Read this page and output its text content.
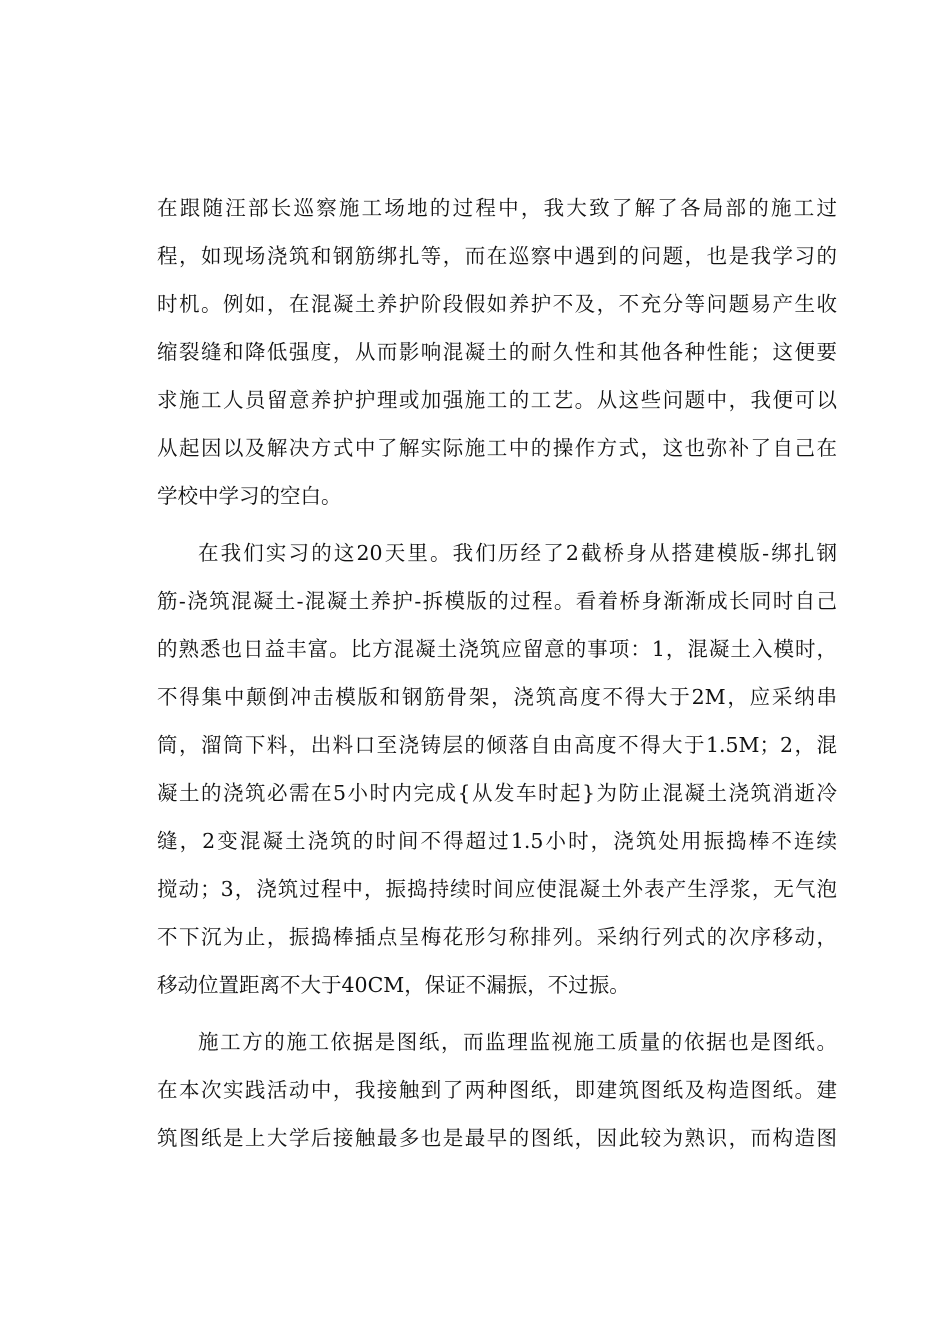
在跟随汪部长巡察施工场地的过程中，我大致了解了各局部的施工过
程，如现场浇筑和钢筋绑扎等，而在巡察中遇到的问题，也是我学习的
时机。例如，在混凝土养护阶段假如养护不及，不充分等问题易产生收
缩裂缝和降低强度，从而影响混凝土的耐久性和其他各种性能；这便要
求施工人员留意养护护理或加强施工的工艺。从这些问题中，我便可以
从起因以及解决方式中了解实际施工中的操作方式，这也弥补了自己在
学校中学习的空白。
在我们实习的这20天里。我们历经了2截桥身从搭建模版-绑扎钢
筋-浇筑混凝土-混凝土养护-拆模版的过程。看着桥身渐渐成长同时自己
的熟悉也日益丰富。比方混凝土浇筑应留意的事项：1，混凝土入模时，
不得集中颠倒冲击模版和钢筋骨架，浇筑高度不得大于2M，应采纳串
筒，溜筒下料，出料口至浇铸层的倾落自由高度不得大于1.5M；2，混
凝土的浇筑必需在5小时内完成{从发车时起}为防止混凝土浇筑消逝冷
缝，2变混凝土浇筑的时间不得超过1.5小时，浇筑处用振捣棒不连续
搅动；3，浇筑过程中，振捣持续时间应使混凝土外表产生浮浆，无气泡
不下沉为止，振捣棒插点呈梅花形匀称排列。采纳行列式的次序移动，
移动位置距离不大于40CM，保证不漏振，不过振。
施工方的施工依据是图纸，而监理监视施工质量的依据也是图纸。
在本次实践活动中，我接触到了两种图纸，即建筑图纸及构造图纸。建
筑图纸是上大学后接触最多也是最早的图纸，因此较为熟识，而构造图
